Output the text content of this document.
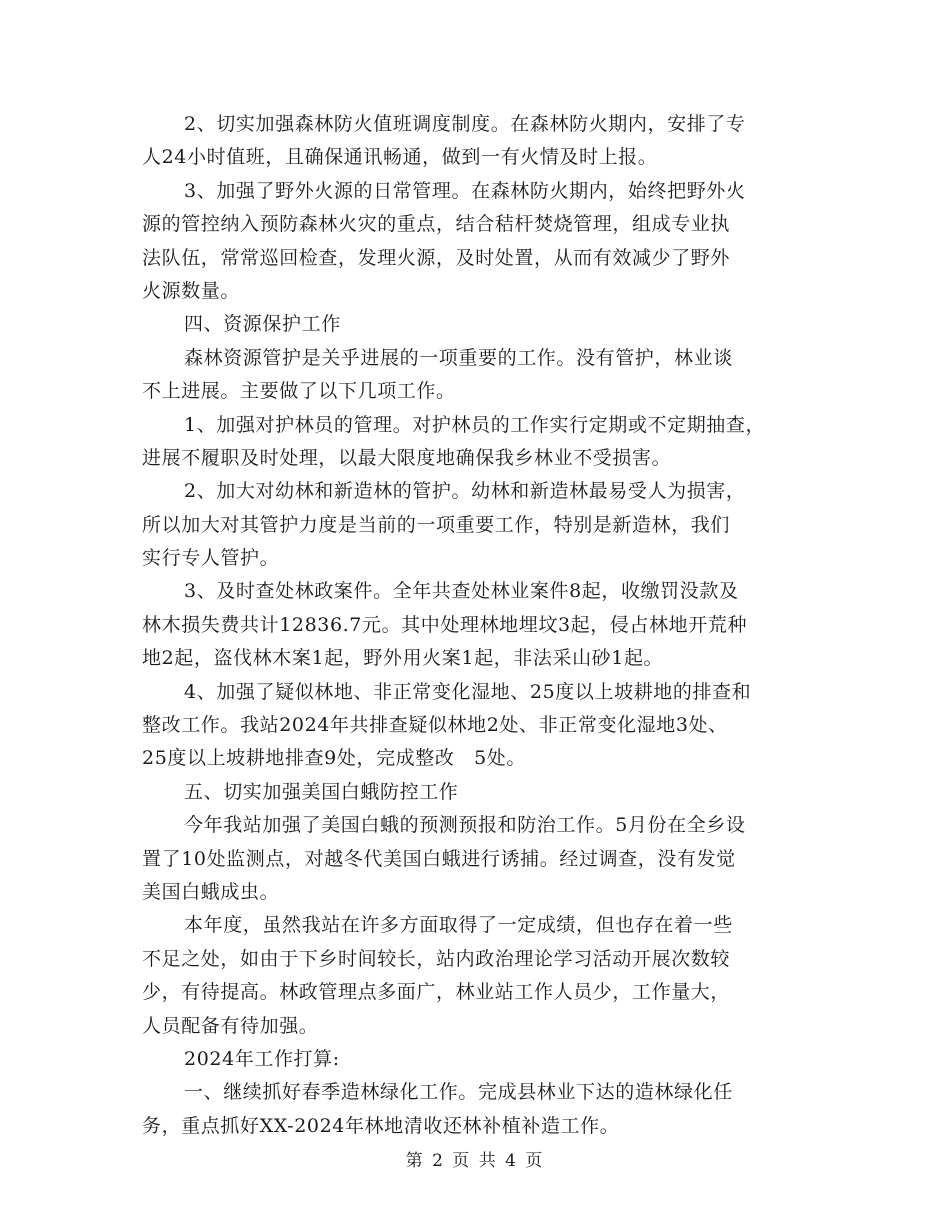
2、切实加强森林防火值班调度制度。在森林防火期内，安排了专
人24小时值班，且确保通讯畅通，做到一有火情及时上报。
3、加强了野外火源的日常管理。在森林防火期内，始终把野外火
源的管控纳入预防森林火灾的重点，结合秸杆焚烧管理，组成专业执
法队伍，常常巡回检查，发理火源，及时处置，从而有效减少了野外
火源数量。
四、资源保护工作
森林资源管护是关乎进展的一项重要的工作。没有管护，林业谈
不上进展。主要做了以下几项工作。
1、加强对护林员的管理。对护林员的工作实行定期或不定期抽查，
进展不履职及时处理，以最大限度地确保我乡林业不受损害。
2、加大对幼林和新造林的管护。幼林和新造林最易受人为损害，
所以加大对其管护力度是当前的一项重要工作，特别是新造林，我们
实行专人管护。
3、及时查处林政案件。全年共查处林业案件8起，收缴罚没款及
林木损失费共计12836.7元。其中处理林地埋坟3起，侵占林地开荒种
地2起，盗伐林木案1起，野外用火案1起，非法采山砂1起。
4、加强了疑似林地、非正常变化湿地、25度以上坡耕地的排查和
整改工作。我站2024年共排查疑似林地2处、非正常变化湿地3处、
25度以上坡耕地排查9处，完成整改　5处。
五、切实加强美国白蛾防控工作
今年我站加强了美国白蛾的预测预报和防治工作。5月份在全乡设
置了10处监测点，对越冬代美国白蛾进行诱捕。经过调查，没有发觉
美国白蛾成虫。
本年度，虽然我站在许多方面取得了一定成绩，但也存在着一些
不足之处，如由于下乡时间较长，站内政治理论学习活动开展次数较
少，有待提高。林政管理点多面广，林业站工作人员少，工作量大，
人员配备有待加强。
2024年工作打算:
一、继续抓好春季造林绿化工作。完成县林业下达的造林绿化任
务，重点抓好XX-2024年林地清收还林补植补造工作。
第 2 页 共 4 页
